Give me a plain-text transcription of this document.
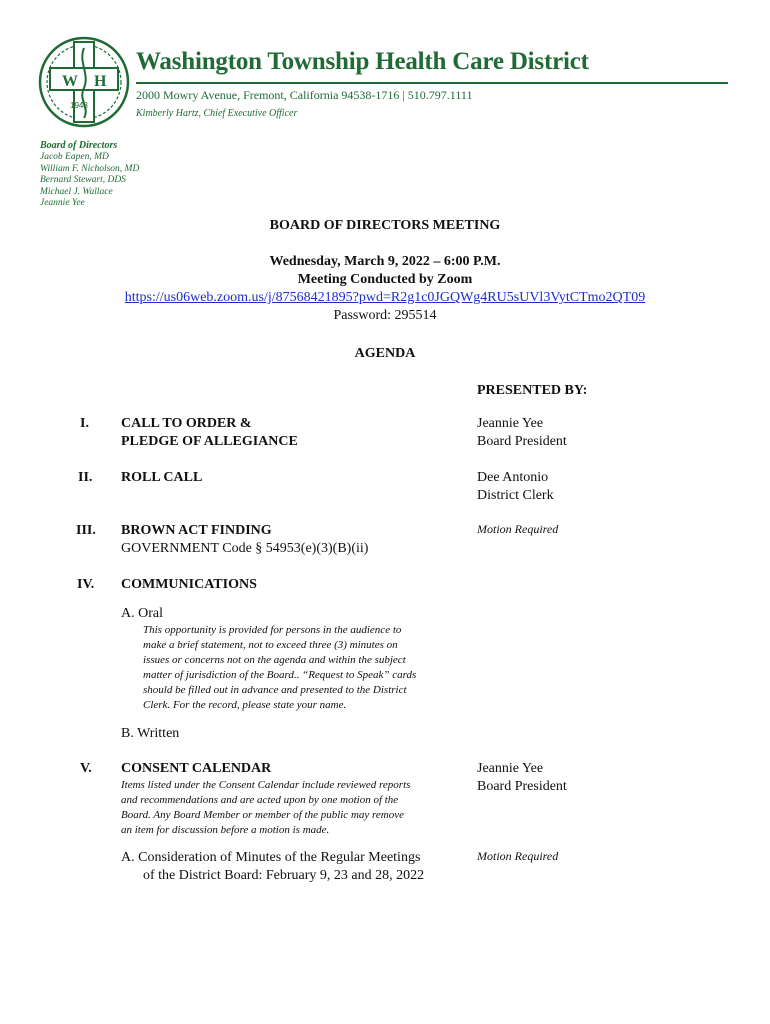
W H
1948
Washington Township Health Care District
2000 Mowry Avenue, Fremont, California 94538-1716 | 510.797.1111
Kimberly Hartz, Chief Executive Officer
Board of Directors
Jacob Eapen, MD
William F. Nicholson, MD
Bernard Stewart, DDS
Michael J. Wallace
Jeannie Yee
BOARD OF DIRECTORS MEETING
Wednesday, March 9, 2022 – 6:00 P.M.
Meeting Conducted by Zoom
https://us06web.zoom.us/j/87568421895?pwd=R2g1c0JGQWg4RU5sUVl3VytCTmo2QT09
Password: 295514
AGENDA
PRESENTED BY:
I. CALL TO ORDER &
PLEDGE OF ALLEGIANCE
Jeannie Yee
Board President
II. ROLL CALL	Dee Antonio
District Clerk
III. BROWN ACT FINDING
GOVERNMENT Code § 54953(e)(3)(B)(ii)
Motion Required
IV. COMMUNICATIONS
A. Oral
This opportunity is provided for persons in the audience to
make a brief statement, not to exceed three (3) minutes on
issues or concerns not on the agenda and within the subject
matter of jurisdiction of the Board.. “Request to Speak” cards
should be filled out in advance and presented to the District
Clerk. For the record, please state your name.
B. Written
V. CONSENT CALENDAR
Items listed under the Consent Calendar include reviewed reports
and recommendations and are acted upon by one motion of the
Board. Any Board Member or member of the public may remove
an item for discussion before a motion is made.
Jeannie Yee
Board President
A. Consideration of Minutes of the Regular Meetings
of the District Board: February 9, 23 and 28, 2022
Motion Required
